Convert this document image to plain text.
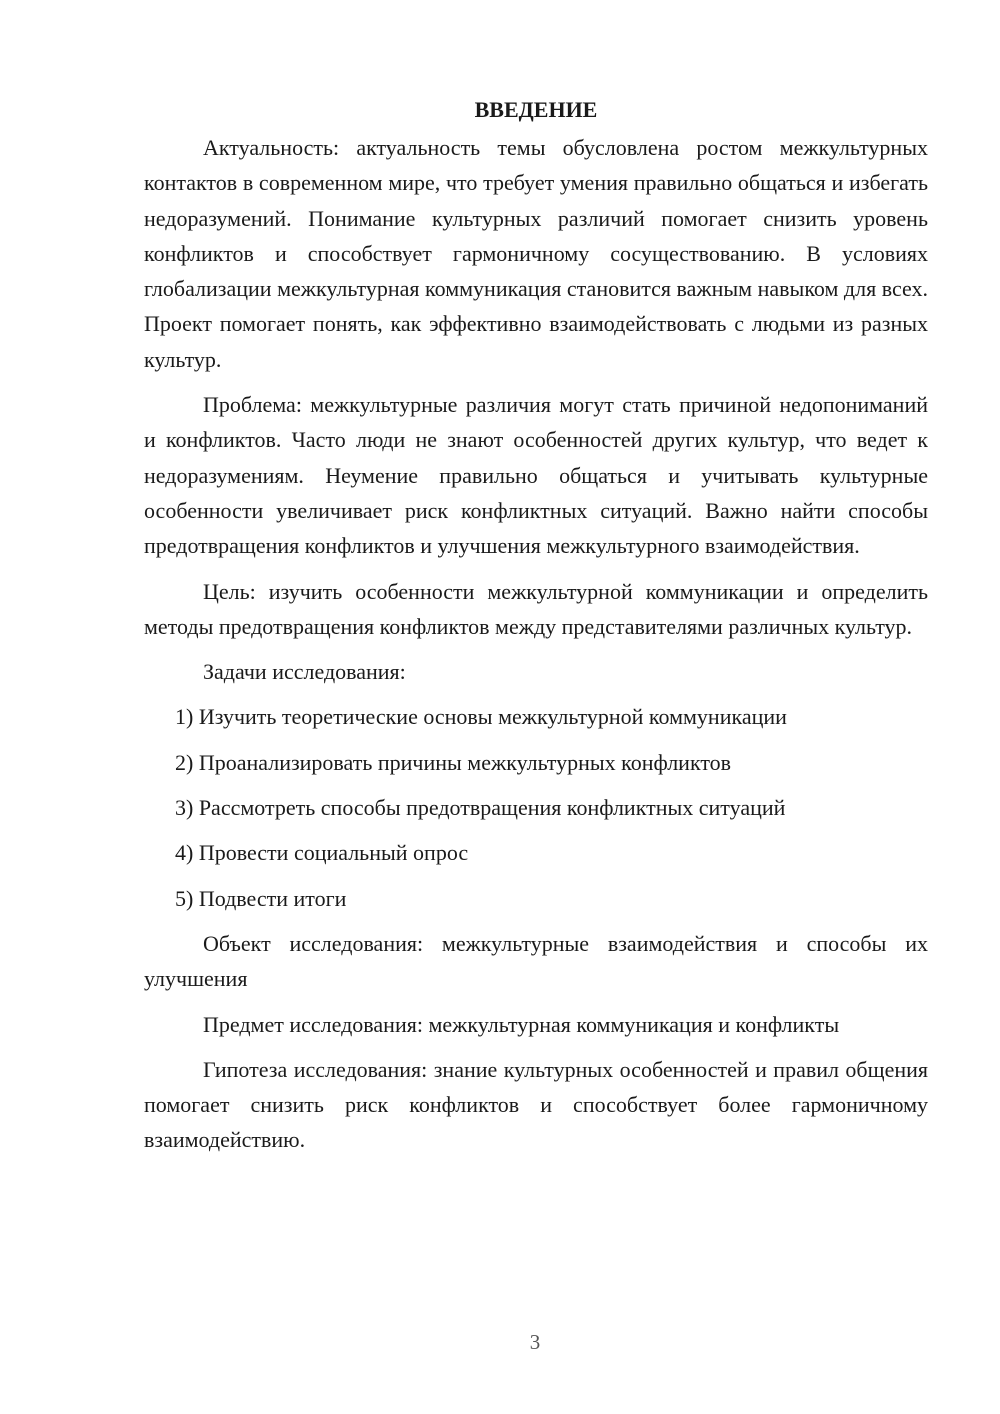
ВВЕДЕНИЕ

Актуальность: актуальность темы обусловлена ростом межкультурных контактов в современном мире, что требует умения правильно общаться и избегать недоразумений. Понимание культурных различий помогает снизить уровень конфликтов и способствует гармоничному сосуществованию. В условиях глобализации межкультурная коммуникация становится важным навыком для всех. Проект помогает понять, как эффективно взаимодействовать с людьми из разных культур.

Проблема: межкультурные различия могут стать причиной недопониманий и конфликтов. Часто люди не знают особенностей других культур, что ведет к недоразумениям. Неумение правильно общаться и учитывать культурные особенности увеличивает риск конфликтных ситуаций. Важно найти способы предотвращения конфликтов и улучшения межкультурного взаимодействия.

Цель: изучить особенности межкультурной коммуникации и определить методы предотвращения конфликтов между представителями различных культур.

Задачи исследования:

1) Изучить теоретические основы межкультурной коммуникации
2) Проанализировать причины межкультурных конфликтов
3) Рассмотреть способы предотвращения конфликтных ситуаций
4) Провести социальный опрос
5) Подвести итоги

Объект исследования: межкультурные взаимодействия и способы их улучшения

Предмет исследования: межкультурная коммуникация и конфликты

Гипотеза исследования: знание культурных особенностей и правил общения помогает снизить риск конфликтов и способствует более гармоничному взаимодействию.

3
